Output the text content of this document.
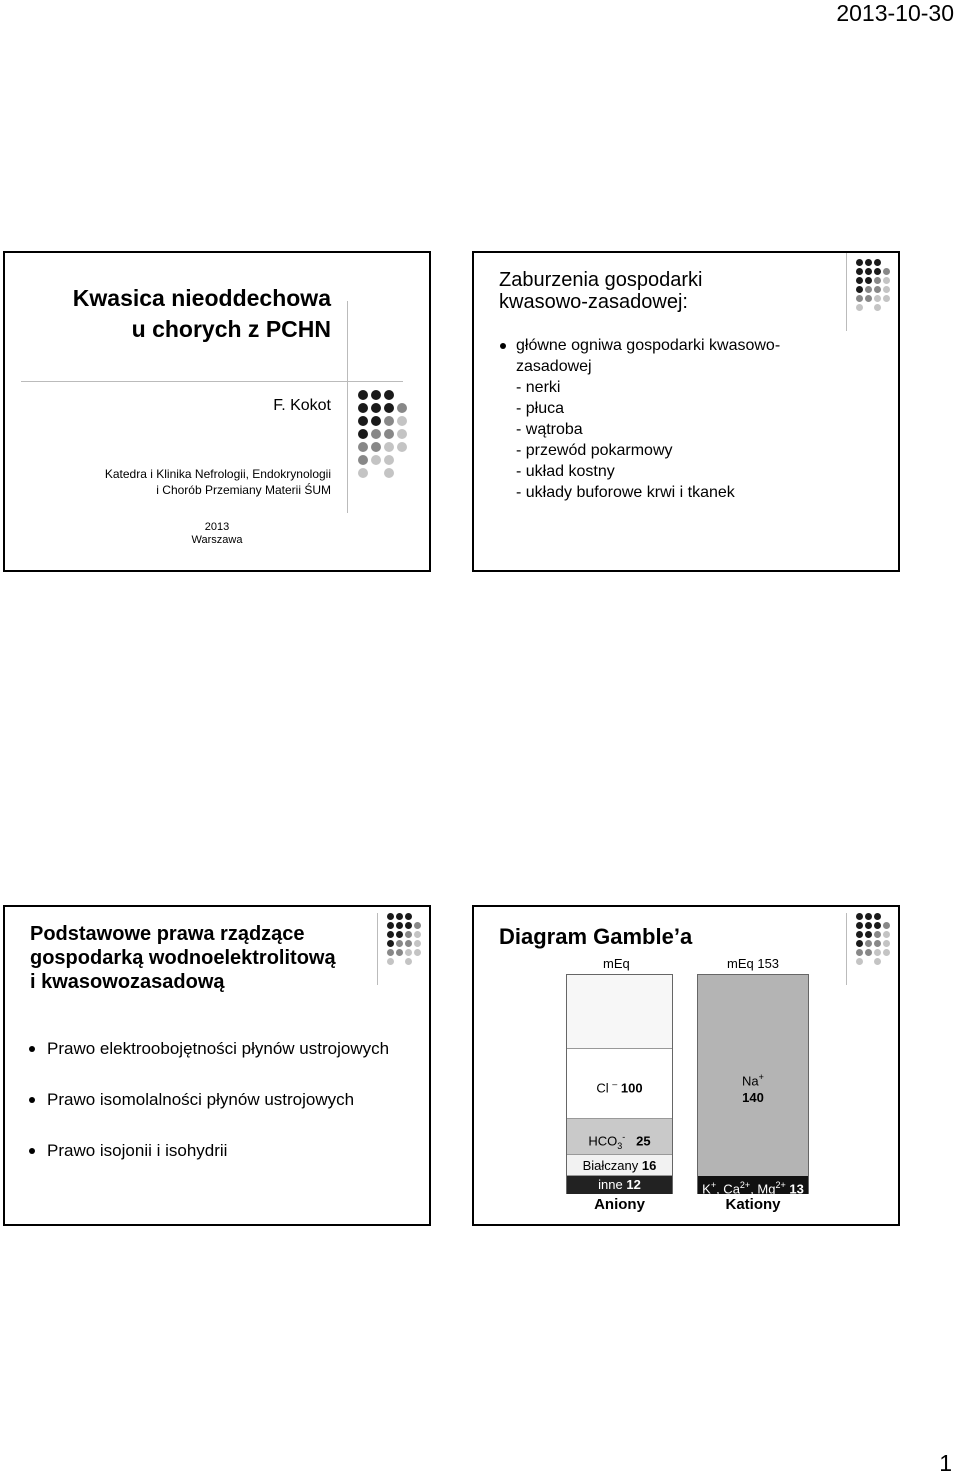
2013-10-30
Kwasica nieoddechowa
u chorych z PCHN
F. Kokot
Katedra i Klinika Nefrologii, Endokrynologii
i Chorób Przemiany Materii ŚUM
2013
Warszawa
Zaburzenia gospodarki
kwasowo-zasadowej:
główne ogniwa gospodarki kwasowo-
zasadowej
- nerki
- płuca
- wątroba
- przewód pokarmowy
- układ kostny
- układy buforowe krwi i tkanek
Podstawowe prawa rządzące
gospodarką wodnoelektrolitową
i kwasowozasadową
Prawo elektroobojętności płynów ustrojowych
Prawo isomolalności płynów ustrojowych
Prawo isojonii i isohydrii
Diagram Gamble’a
mEq	mEq 153
Cl – 100
$HCO_3^-$ 25
Białczany 16
inne 12
Na+
140
K+, $Ca^{2+}$, $Mg^{2+}$ 13
Aniony	Kationy
1
